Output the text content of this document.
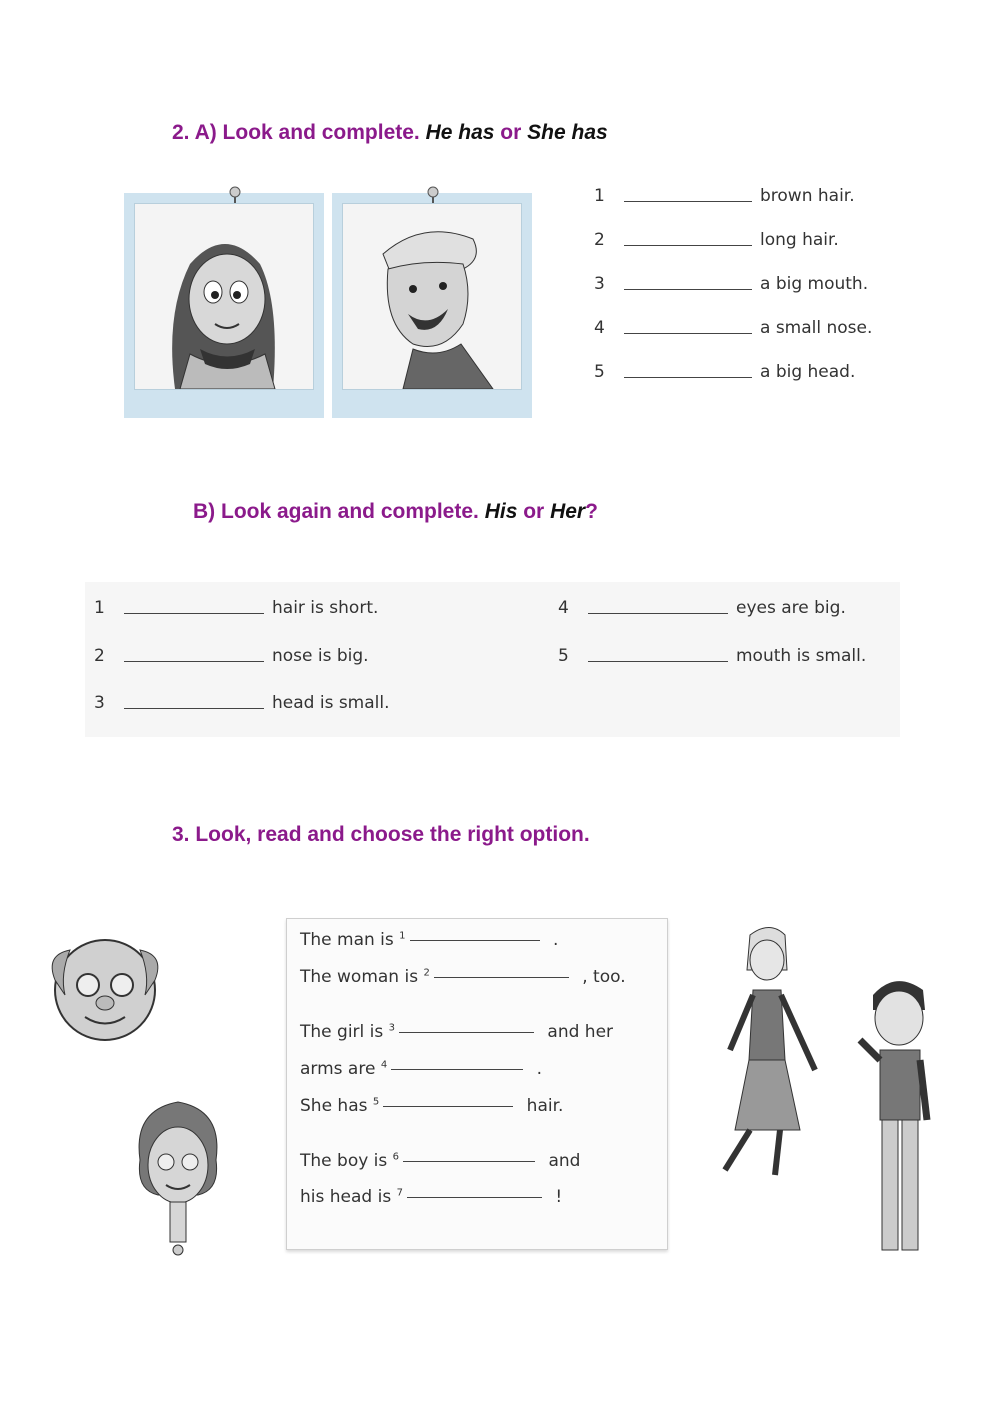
2. A) Look and complete. He has or She has
1	brown hair.
2	long hair.
3	a big mouth.
4	a small nose.
5	a big head.
B) Look again and complete. His or Her?
1	hair is short.
2	nose is big.
3	head is small.
4	eyes are big.
5	mouth is small.
3. Look, read and choose the right option.
The man is $^1$	.
The woman is $^2$	, too.
The girl is $^3$	and her
arms are $^4$	.
She has $^5$	hair.
The boy is $^6$	and
his head is $^7$	!
